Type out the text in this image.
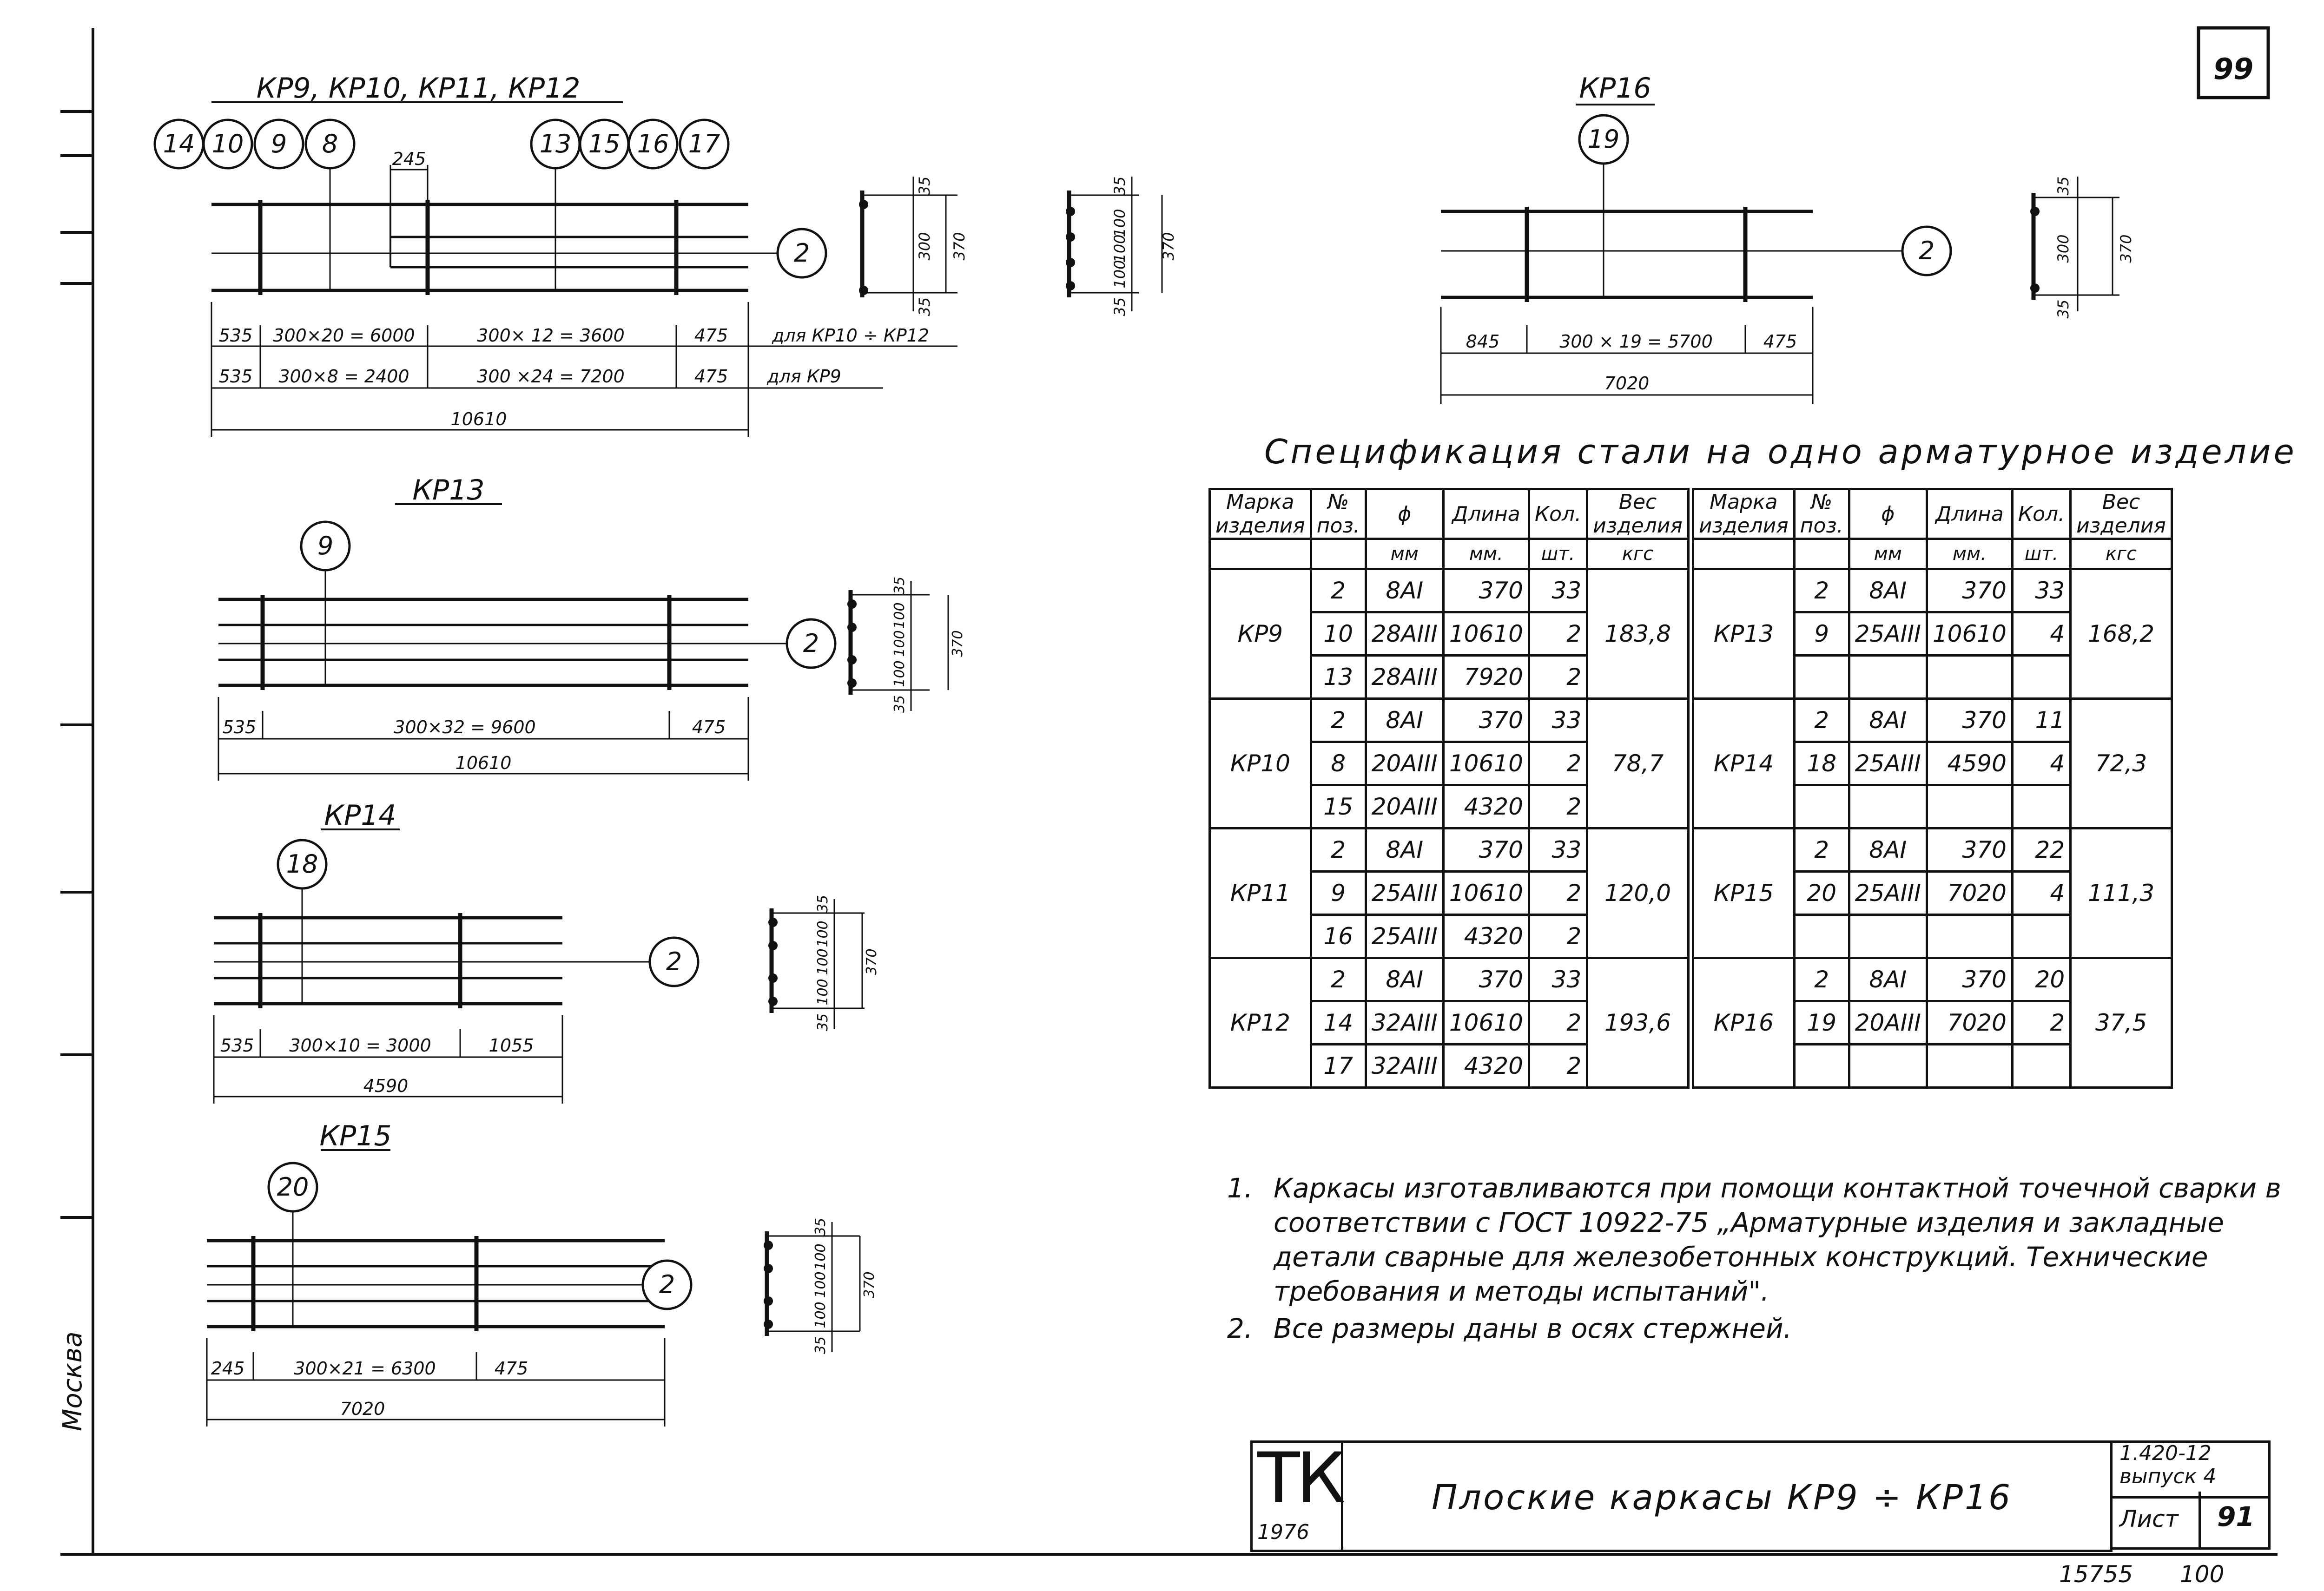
99
Москва
КР9, КР10, КР11, КР12
14 10 9 8	13 15 16 17
2
245
535 300×20 = 6000	300× 12 = 3600	475 для КР10 ÷ КР12
535 300×8 = 2400	300 ×24 = 7200	475 для КР9
10610
35
300
35
370
35
100
100
100
35
370
КР16
19
2
845	300 × 19 = 5700	475
7020
35
300
35
370
КР13
9
2
535	300×32 = 9600	475
10610
35
100
100
100
35
370
КР14
18
2
535 300×10 = 3000	1055
4590
35
100
100
100
35
370
КР15
20
2
245	300×21 = 6300	475
7020
35
100
100
100
35
370
15755 100
Спецификация стали на одно арматурное изделие
Марка изделия	№ поз.	ϕ	Длина	Кол.	Вес изделия
		мм	мм.	шт.	кгс
КР9	2	8АI	370	33	183,8
	10	28АIII	10610	2	
	13	28АIII	7920	2	
КР10	2	8АI	370	33	78,7
	8	20АIII	10610	2	
	15	20АIII	4320	2	
КР11	2	8АI	370	33	120,0
	9	25АIII	10610	2	
	16	25АIII	4320	2	
КР12	2	8АI	370	33	193,6
	14	32АIII	10610	2	
	17	32АIII	4320	2	
Марка изделия	№ поз.	ϕ	Длина	Кол.	Вес изделия
		мм	мм.	шт.	кгс
КР13	2	8АI	370	33	168,2
	9	25АIII	10610	4	

КР14	2	8АI	370	11	72,3
	18	25АIII	4590	4	

КР15	2	8АI	370	22	111,3
	20	25АIII	7020	4	

КР16	2	8АI	370	20	37,5
	19	20АIII	7020	2	

1. Каркасы изготавливаются при помощи контактной точечной сварки в соответствии с ГОСТ 10922-75 „Арматурные изделия и закладные детали сварные для железобетонных конструкций. Технические требования и методы испытаний".

2. Все размеры даны в осях стержней.

ТК
1976
Плоские каркасы КР9 ÷ КР16
1.420-12
выпуск 4
Лист 91
